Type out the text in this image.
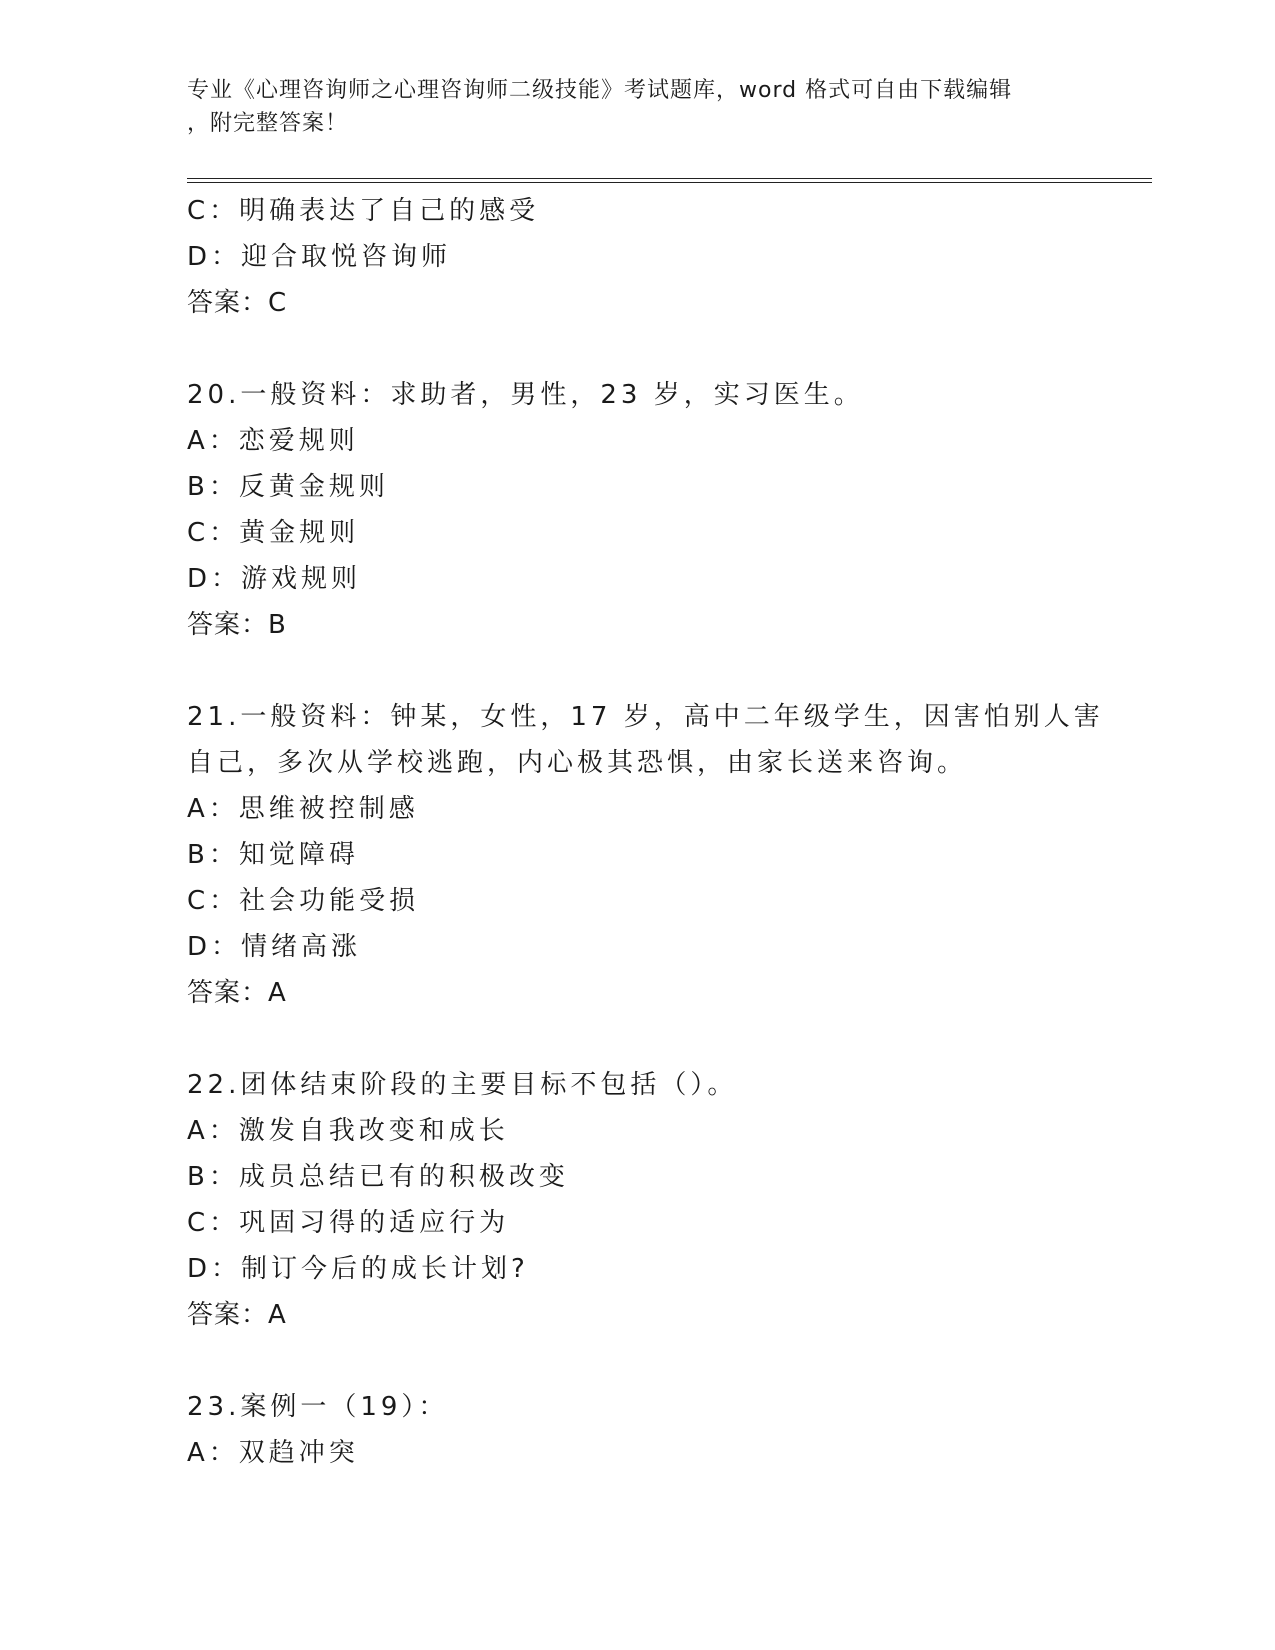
专业《心理咨询师之心理咨询师二级技能》考试题库，word 格式可自由下载编辑
，附完整答案！
C：明确表达了自己的感受
D：迎合取悦咨询师
答案：C
20.一般资料：求助者，男性，23 岁，实习医生。
A：恋爱规则
B：反黄金规则
C：黄金规则
D：游戏规则
答案：B
21.一般资料：钟某，女性，17 岁，高中二年级学生，因害怕别人害自己，多次从学校逃跑，内心极其恐惧，由家长送来咨询。
A：思维被控制感
B：知觉障碍
C：社会功能受损
D：情绪高涨
答案：A
22.团体结束阶段的主要目标不包括（）。
A：激发自我改变和成长
B：成员总结已有的积极改变
C：巩固习得的适应行为
D：制订今后的成长计划?
答案：A
23.案例一（19）：
A：双趋冲突
